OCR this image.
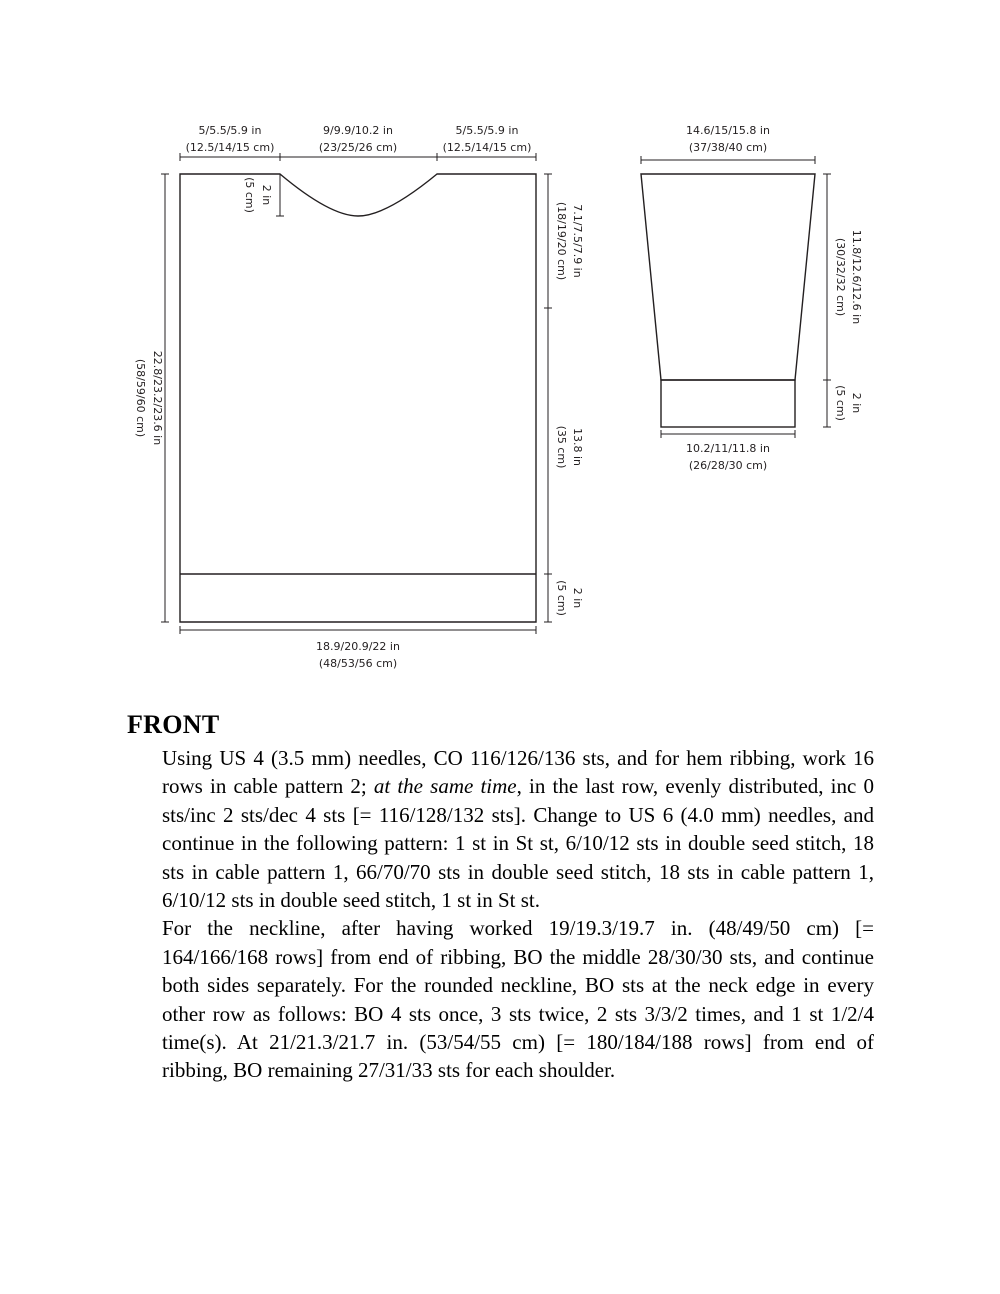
5/5.5/5.9 in
(12.5/14/15 cm)
9/9.9/10.2 in
(23/25/26 cm)
5/5.5/5.9 in
(12.5/14/15 cm)
2 in
(5 cm)
22.8/23.2/23.6 in
(58/59/60 cm)
7.1/7.5/7.9 in
(18/19/20 cm)
13.8 in
(35 cm)
2 in
(5 cm)
18.9/20.9/22 in
(48/53/56 cm)
14.6/15/15.8 in
(37/38/40 cm)
11.8/12.6/12.6 in
(30/32/32 cm)
2 in
(5 cm)
10.2/11/11.8 in
(26/28/30 cm)
FRONT

Using US 4 (3.5 mm) needles, CO 116/126/136 sts, and for hem ribbing, work 16 rows in cable pattern 2; at the same time, in the last row, evenly distributed, inc 0 sts/inc 2 sts/dec 4 sts [= 116/128/132 sts]. Change to US 6 (4.0 mm) needles, and continue in the following pattern: 1 st in St st, 6/10/12 sts in double seed stitch, 18 sts in cable pattern 1, 66/70/70 sts in double seed stitch, 18 sts in cable pattern 1, 6/10/12 sts in double seed stitch, 1 st in St st.

For the neckline, after having worked 19/19.3/19.7 in. (48/49/50 cm) [= 164/166/168 rows] from end of ribbing, BO the middle 28/30/30 sts, and continue both sides separately. For the rounded neckline, BO sts at the neck edge in every other row as follows: BO 4 sts once, 3 sts twice, 2 sts 3/3/2 times, and 1 st 1/2/4 time(s). At 21/21.3/21.7 in. (53/54/55 cm) [= 180/184/188 rows] from end of ribbing, BO remaining 27/31/33 sts for each shoulder.
